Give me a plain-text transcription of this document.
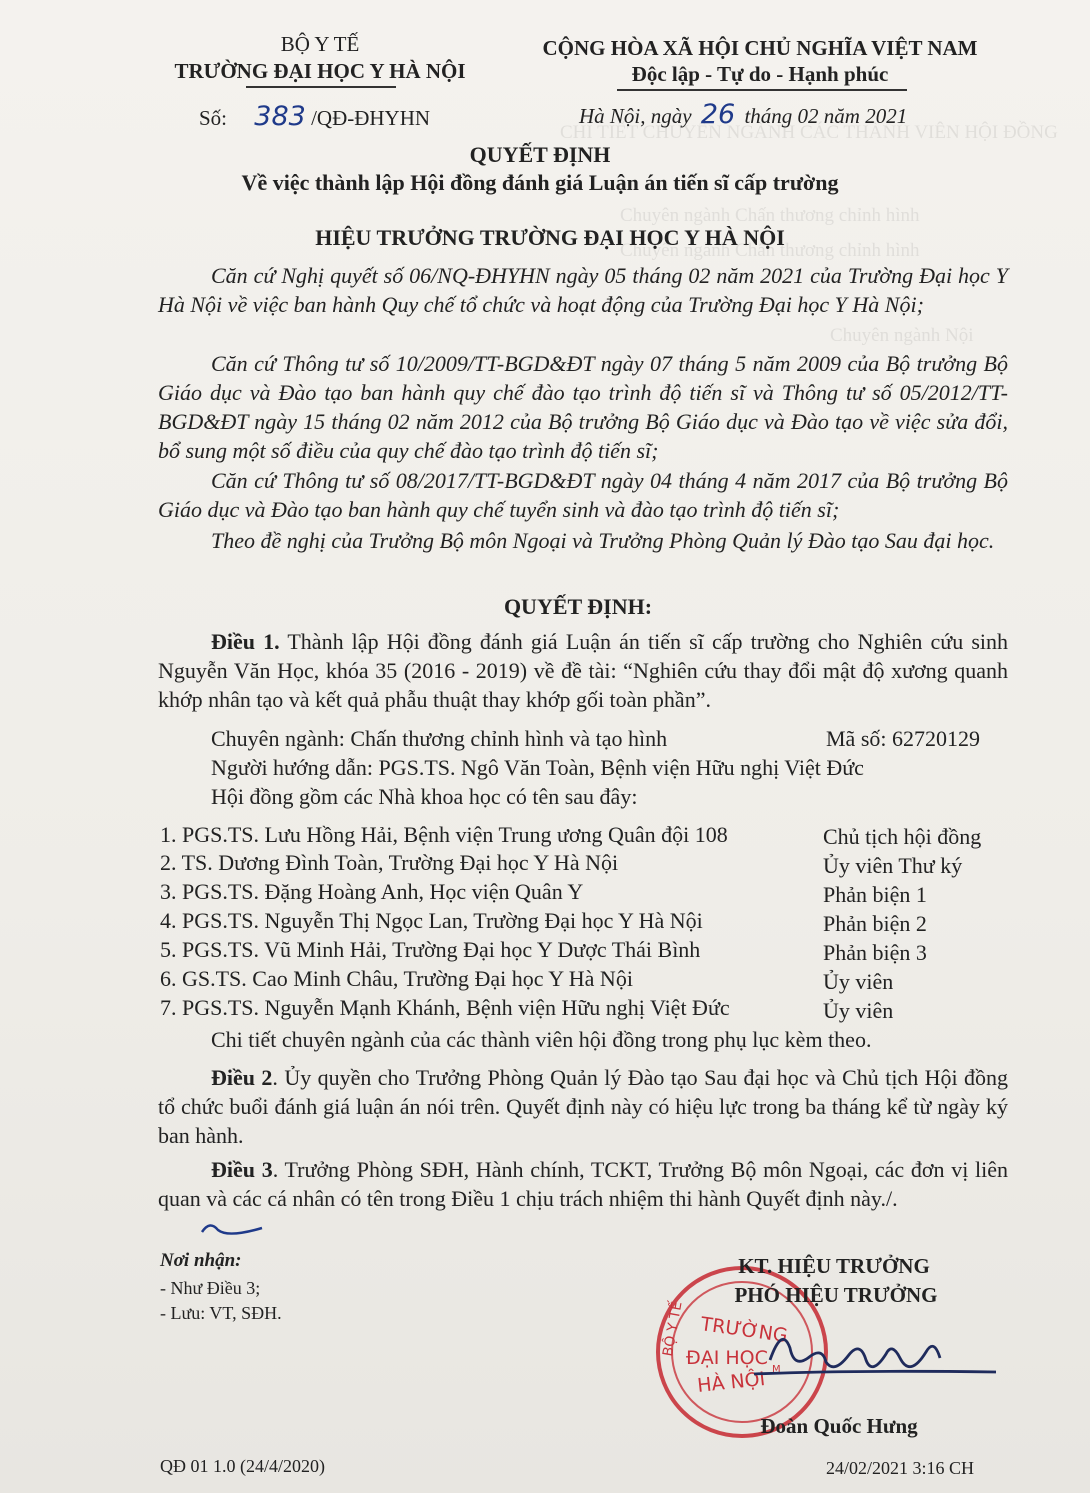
CHI TIẾT CHUYÊN NGÀNH CÁC THÀNH VIÊN HỘI ĐỒNG
Chuyên ngành Chấn thương chỉnh hình
Chuyên ngành Chấn thương chỉnh hình
Chuyên ngành Nội
BỘ Y TẾ
TRƯỜNG ĐẠI HỌC Y HÀ NỘI
Số: 383 /QĐ-ĐHYHN
CỘNG HÒA XÃ HỘI CHỦ NGHĨA VIỆT NAM
Độc lập - Tự do - Hạnh phúc
Hà Nội, ngày 26 tháng 02 năm 2021
QUYẾT ĐỊNH
Về việc thành lập Hội đồng đánh giá Luận án tiến sĩ cấp trường
HIỆU TRƯỞNG TRƯỜNG ĐẠI HỌC Y HÀ NỘI
Căn cứ Nghị quyết số 06/NQ-ĐHYHN ngày 05 tháng 02 năm 2021 của Trường Đại học Y Hà Nội về việc ban hành Quy chế tổ chức và hoạt động của Trường Đại học Y Hà Nội;
Căn cứ Thông tư số 10/2009/TT-BGD&ĐT ngày 07 tháng 5 năm 2009 của Bộ trưởng Bộ Giáo dục và Đào tạo ban hành quy chế đào tạo trình độ tiến sĩ và Thông tư số 05/2012/TT-BGD&ĐT ngày 15 tháng 02 năm 2012 của Bộ trưởng Bộ Giáo dục và Đào tạo về việc sửa đổi, bổ sung một số điều của quy chế đào tạo trình độ tiến sĩ;
Căn cứ Thông tư số 08/2017/TT-BGD&ĐT ngày 04 tháng 4 năm 2017 của Bộ trưởng Bộ Giáo dục và Đào tạo ban hành quy chế tuyển sinh và đào tạo trình độ tiến sĩ;
Theo đề nghị của Trưởng Bộ môn Ngoại và Trưởng Phòng Quản lý Đào tạo Sau đại học.
QUYẾT ĐỊNH:
Điều 1. Thành lập Hội đồng đánh giá Luận án tiến sĩ cấp trường cho Nghiên cứu sinh Nguyễn Văn Học, khóa 35 (2016 - 2019) về đề tài: “Nghiên cứu thay đổi mật độ xương quanh khớp nhân tạo và kết quả phẫu thuật thay khớp gối toàn phần”.
Chuyên ngành: Chấn thương chỉnh hình và tạo hình	Mã số: 62720129
Người hướng dẫn: PGS.TS. Ngô Văn Toàn, Bệnh viện Hữu nghị Việt Đức
Hội đồng gồm các Nhà khoa học có tên sau đây:
1. PGS.TS. Lưu Hồng Hải, Bệnh viện Trung ương Quân đội 108	Chủ tịch hội đồng
2. TS. Dương Đình Toàn, Trường Đại học Y Hà Nội	Ủy viên Thư ký
3. PGS.TS. Đặng Hoàng Anh, Học viện Quân Y	Phản biện 1
4. PGS.TS. Nguyễn Thị Ngọc Lan, Trường Đại học Y Hà Nội	Phản biện 2
5. PGS.TS. Vũ Minh Hải, Trường Đại học Y Dược Thái Bình	Phản biện 3
6. GS.TS. Cao Minh Châu, Trường Đại học Y Hà Nội	Ủy viên
7. PGS.TS. Nguyễn Mạnh Khánh, Bệnh viện Hữu nghị Việt Đức	Ủy viên
Chi tiết chuyên ngành của các thành viên hội đồng trong phụ lục kèm theo.
Điều 2. Ủy quyền cho Trưởng Phòng Quản lý Đào tạo Sau đại học và Chủ tịch Hội đồng tổ chức buổi đánh giá luận án nói trên. Quyết định này có hiệu lực trong ba tháng kể từ ngày ký ban hành.
Điều 3. Trưởng Phòng SĐH, Hành chính, TCKT, Trưởng Bộ môn Ngoại, các đơn vị liên quan và các cá nhân có tên trong Điều 1 chịu trách nhiệm thi hành Quyết định này./.
Nơi nhận:
- Như Điều 3;
- Lưu: VT, SĐH.	BỘ Y TẾ TRƯỜNG
ĐẠI HỌC
HÀ NỘI M
KT. HIỆU TRƯỞNG
PHÓ HIỆU TRƯỞNG
Đoàn Quốc Hưng
QĐ 01 1.0 (24/4/2020)	24/02/2021 3:16 CH
